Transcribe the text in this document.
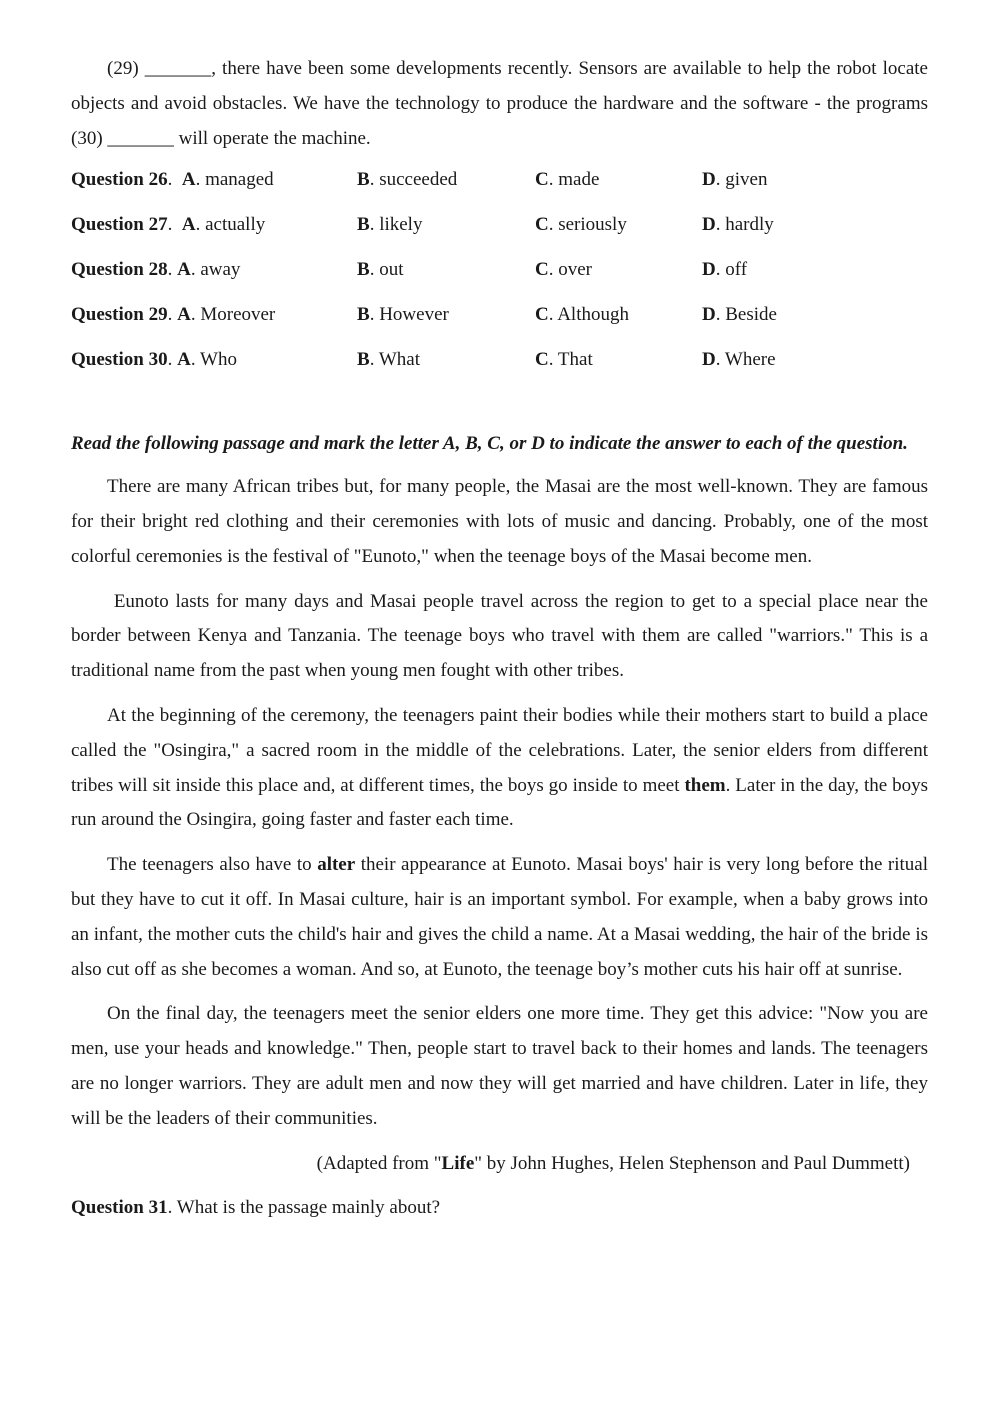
(29) _______, there have been some developments recently. Sensors are available to help the robot locate objects and avoid obstacles. We have the technology to produce the hardware and the software - the programs (30) _______ will operate the machine.

Question 26.  A. managed	B. succeeded	C. made	D. given
Question 27.  A. actually	B. likely	C. seriously	D. hardly
Question 28. A. away	B. out	C. over	D. off
Question 29. A. Moreover	B. However	C. Although	D. Beside
Question 30. A. Who	B. What	C. That	D. Where
Read the following passage and mark the letter A, B, C, or D to indicate the answer to each of the question.

There are many African tribes but, for many people, the Masai are the most well-known. They are famous for their bright red clothing and their ceremonies with lots of music and dancing. Probably, one of the most colorful ceremonies is the festival of "Eunoto," when the teenage boys of the Masai become men.

Eunoto lasts for many days and Masai people travel across the region to get to a special place near the border between Kenya and Tanzania. The teenage boys who travel with them are called "warriors." This is a traditional name from the past when young men fought with other tribes.

At the beginning of the ceremony, the teenagers paint their bodies while their mothers start to build a place called the "Osingira," a sacred room in the middle of the celebrations. Later, the senior elders from different tribes will sit inside this place and, at different times, the boys go inside to meet them. Later in the day, the boys run around the Osingira, going faster and faster each time.

The teenagers also have to alter their appearance at Eunoto. Masai boys' hair is very long before the ritual but they have to cut it off. In Masai culture, hair is an important symbol. For example, when a baby grows into an infant, the mother cuts the child's hair and gives the child a name. At a Masai wedding, the hair of the bride is also cut off as she becomes a woman. And so, at Eunoto, the teenage boy’s mother cuts his hair off at sunrise.

On the final day, the teenagers meet the senior elders one more time. They get this advice: "Now you are men, use your heads and knowledge." Then, people start to travel back to their homes and lands. The teenagers are no longer warriors. They are adult men and now they will get married and have children. Later in life, they will be the leaders of their communities.

(Adapted from "Life" by John Hughes, Helen Stephenson and Paul Dummett)
Question 31. What is the passage mainly about?
